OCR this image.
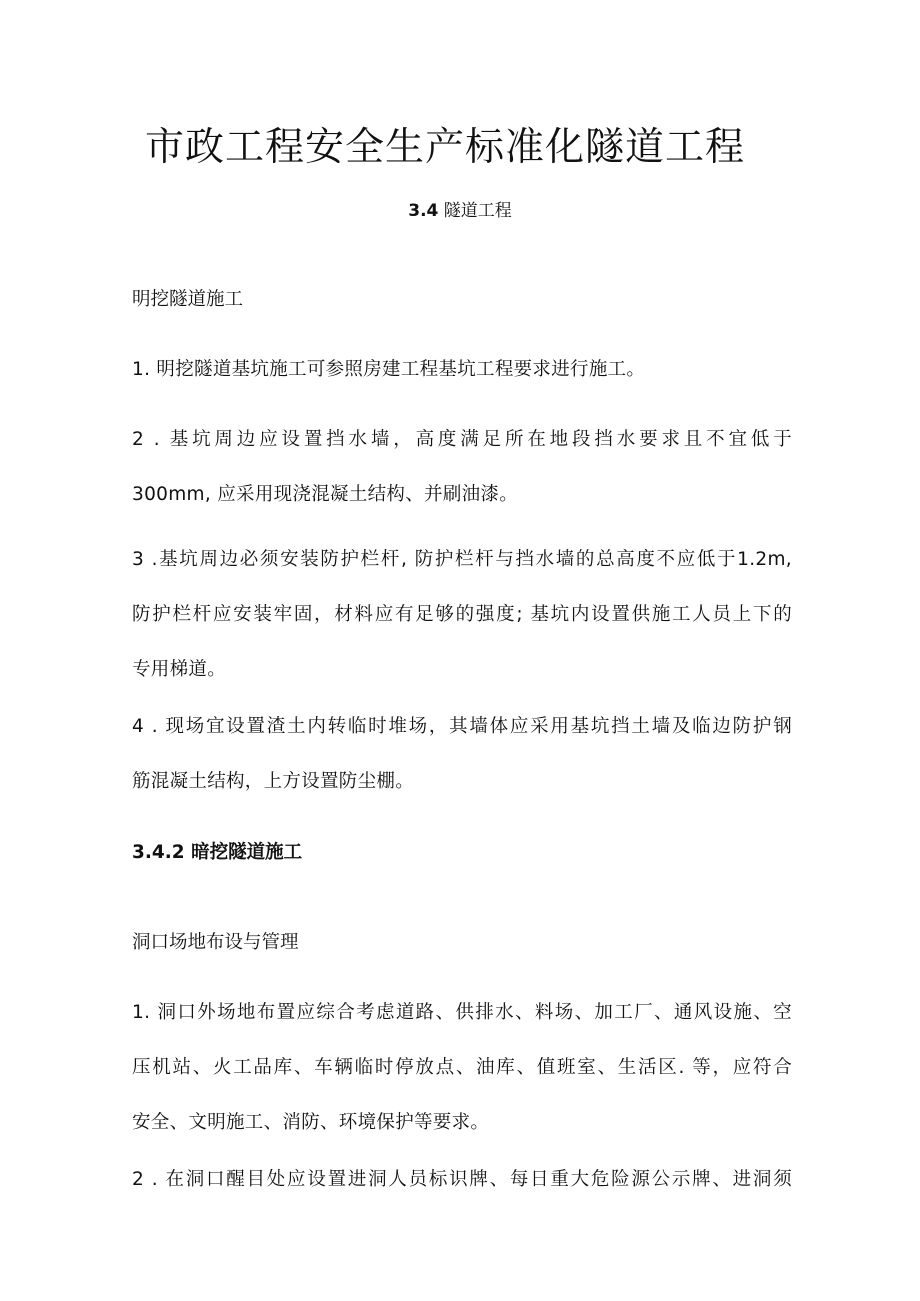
市政工程安全生产标准化隧道工程
3.4 隧道工程
明挖隧道施工
1. 明挖隧道基坑施工可参照房建工程基坑工程要求进行施工。
2 . 基坑周边应设置挡水墙，高度满足所在地段挡水要求且不宜低于
300mm, 应采用现浇混凝土结构、并刷油漆。
3 .基坑周边必须安装防护栏杆, 防护栏杆与挡水墙的总高度不应低于1.2m,
防护栏杆应安装牢固，材料应有足够的强度; 基坑内设置供施工人员上下的
专用梯道。
4 . 现场宜设置渣土内转临时堆场，其墙体应采用基坑挡土墙及临边防护钢
筋混凝土结构，上方设置防尘棚。
3.4.2 暗挖隧道施工
洞口场地布设与管理
1. 洞口外场地布置应综合考虑道路、供排水、料场、加工厂、通风设施、空
压机站、火工品库、车辆临时停放点、油库、值班室、生活区. 等，应符合
安全、文明施工、消防、环境保护等要求。
2 . 在洞口醒目处应设置进洞人员标识牌、每日重大危险源公示牌、进洞须
